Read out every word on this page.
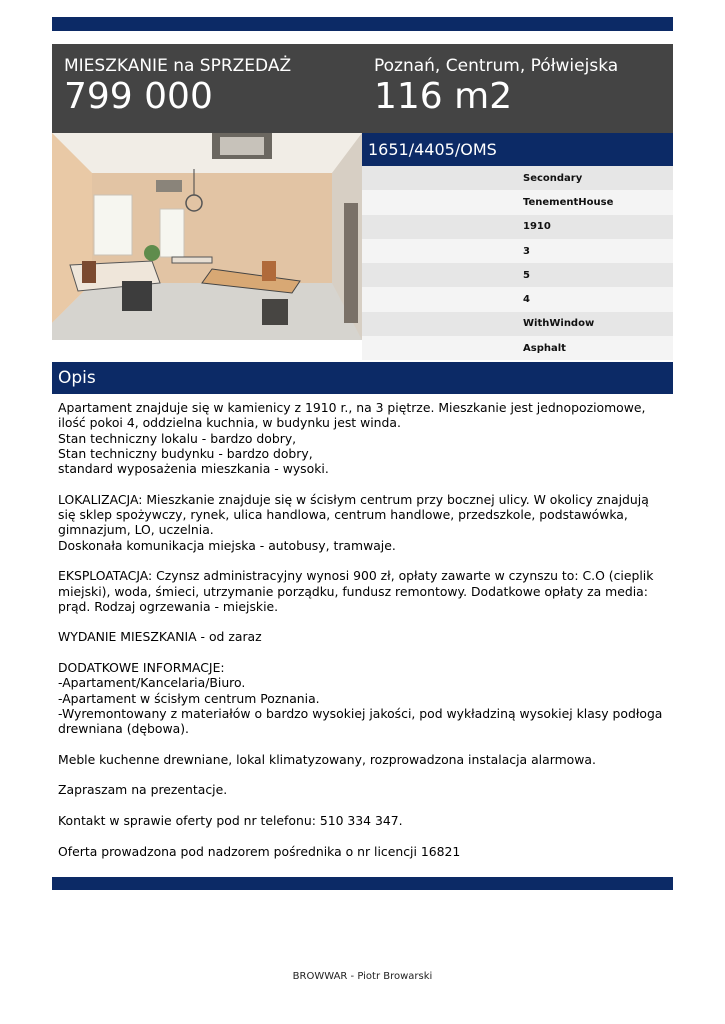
MIESZKANIE na SPRZEDAŻ
799 000
Poznań, Centrum, Półwiejska
116 m2
1651/4405/OMS
Secondary
TenementHouse
1910
3
5
4
WithWindow
Asphalt
Opis

Apartament znajduje się w kamienicy z 1910 r., na 3 piętrze. Mieszkanie jest jednopoziomowe, ilość pokoi 4, oddzielna kuchnia, w budynku jest winda.
Stan techniczny lokalu - bardzo dobry,
Stan techniczny budynku - bardzo dobry,
standard wyposażenia mieszkania - wysoki.

LOKALIZACJA: Mieszkanie znajduje się w ścisłym centrum przy bocznej ulicy. W okolicy znajdują się sklep spożywczy, rynek, ulica handlowa, centrum handlowe, przedszkole, podstawówka, gimnazjum, LO, uczelnia.
Doskonała komunikacja miejska - autobusy, tramwaje.

EKSPLOATACJA: Czynsz administracyjny wynosi 900 zł, opłaty zawarte w czynszu to: C.O (cieplik miejski), woda, śmieci, utrzymanie porządku, fundusz remontowy. Dodatkowe opłaty za media: prąd. Rodzaj ogrzewania - miejskie.

WYDANIE MIESZKANIA - od zaraz

DODATKOWE INFORMACJE:
-Apartament/Kancelaria/Biuro.
-Apartament w ścisłym centrum Poznania.
-Wyremontowany z materiałów o bardzo wysokiej jakości, pod wykładziną wysokiej klasy podłoga drewniana (dębowa).

Meble kuchenne drewniane, lokal klimatyzowany, rozprowadzona instalacja alarmowa.

Zapraszam na prezentacje.

Kontakt w sprawie oferty pod nr telefonu: 510 334 347.

Oferta prowadzona pod nadzorem pośrednika o nr licencji 16821

BROWWAR - Piotr Browarski
